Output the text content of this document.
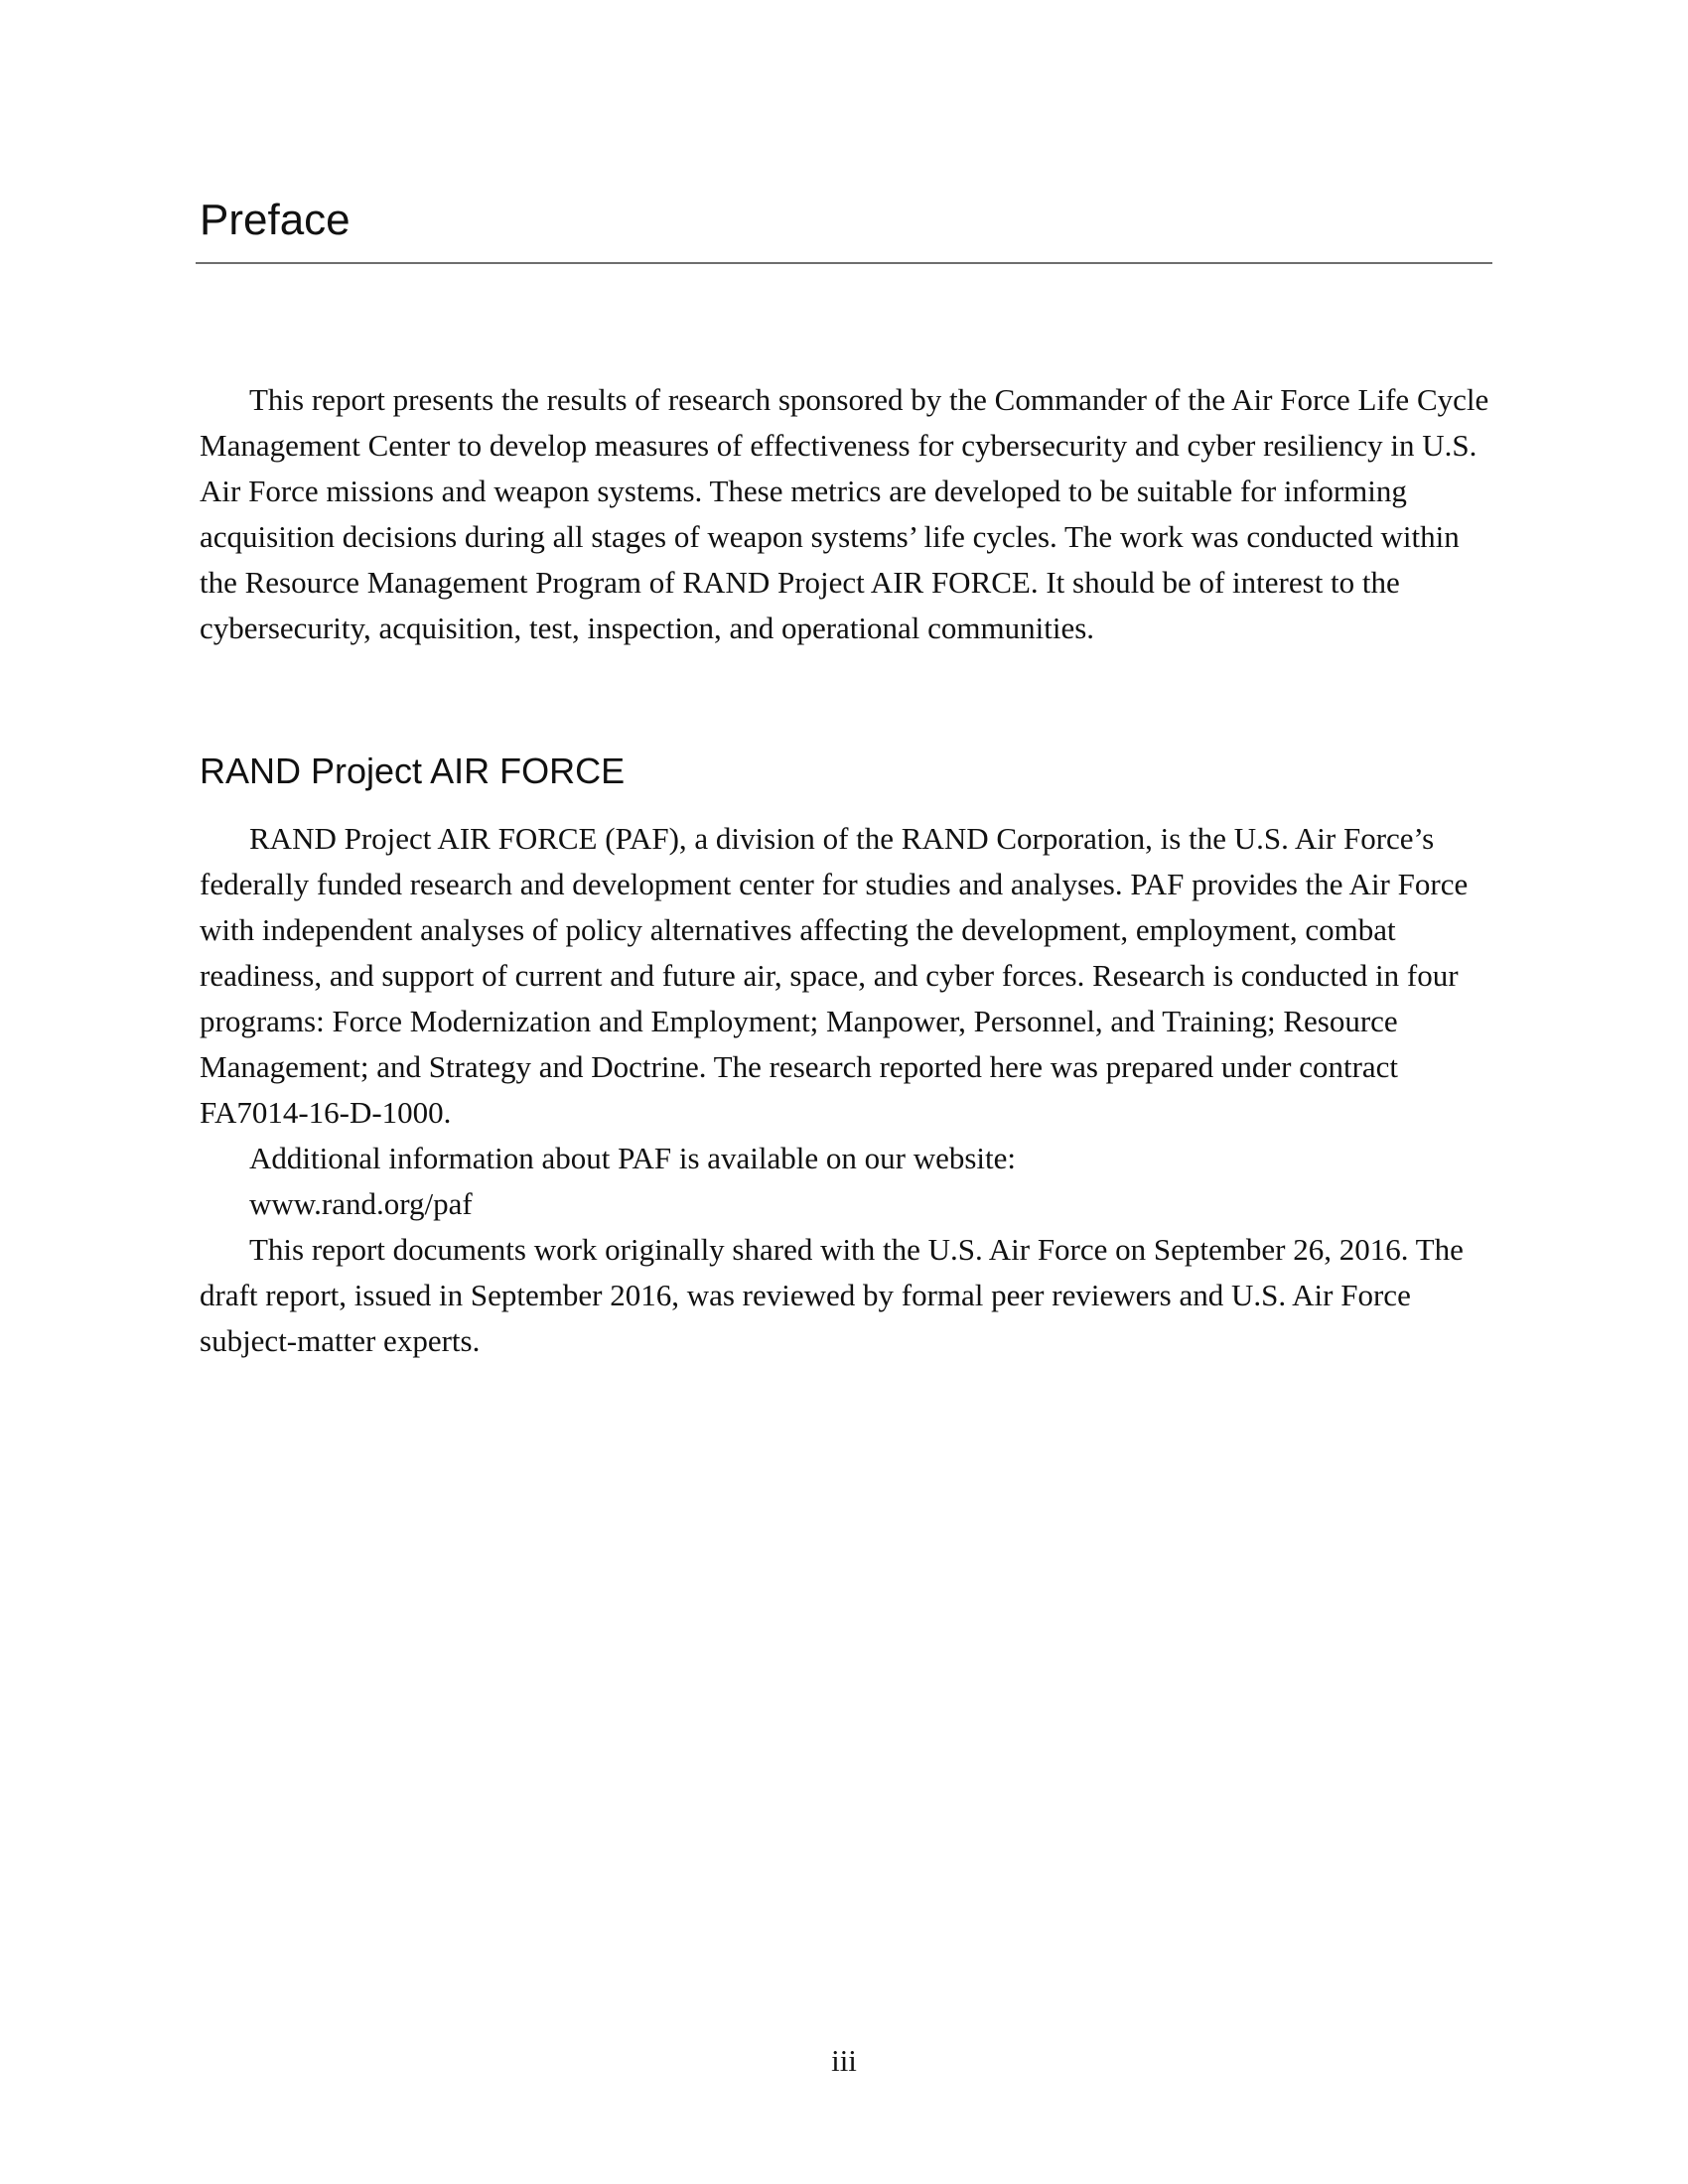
Preface

This report presents the results of research sponsored by the Commander of the Air Force Life Cycle Management Center to develop measures of effectiveness for cybersecurity and cyber resiliency in U.S. Air Force missions and weapon systems. These metrics are developed to be suitable for informing acquisition decisions during all stages of weapon systems’ life cycles. The work was conducted within the Resource Management Program of RAND Project AIR FORCE. It should be of interest to the cybersecurity, acquisition, test, inspection, and operational communities.

RAND Project AIR FORCE

RAND Project AIR FORCE (PAF), a division of the RAND Corporation, is the U.S. Air Force’s federally funded research and development center for studies and analyses. PAF provides the Air Force with independent analyses of policy alternatives affecting the development, employment, combat readiness, and support of current and future air, space, and cyber forces. Research is conducted in four programs: Force Modernization and Employment; Manpower, Personnel, and Training; Resource Management; and Strategy and Doctrine. The research reported here was prepared under contract FA7014-16-D-1000.

Additional information about PAF is available on our website:

www.rand.org/paf

This report documents work originally shared with the U.S. Air Force on September 26, 2016. The draft report, issued in September 2016, was reviewed by formal peer reviewers and U.S. Air Force subject-matter experts.

iii
